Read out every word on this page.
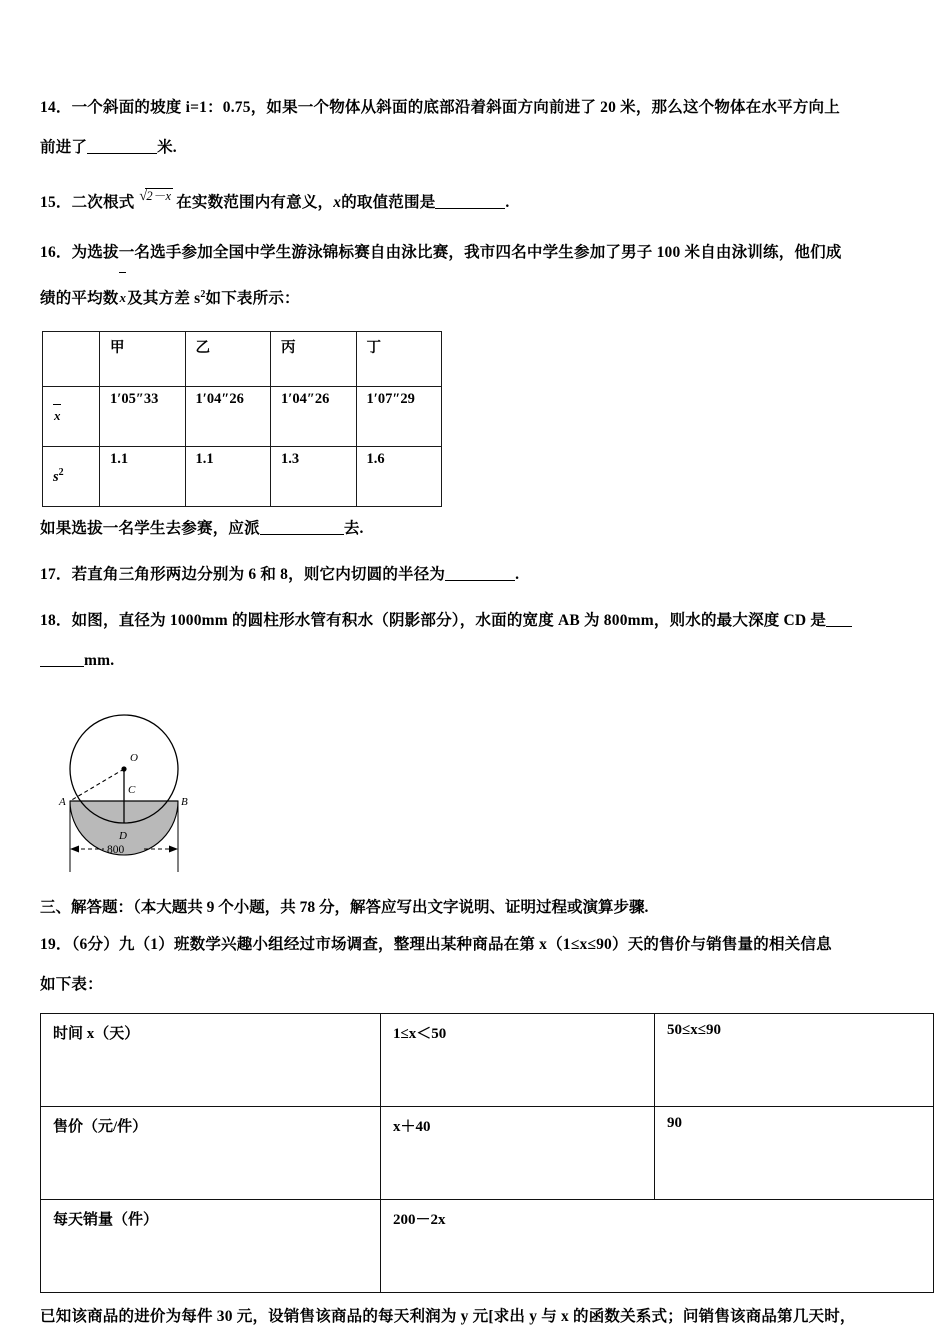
14．一个斜面的坡度 i=1：0.75，如果一个物体从斜面的底部沿着斜面方向前进了 20 米，那么这个物体在水平方向上
前进了	米.
15．二次根式 √2－x 在实数范围内有意义，x的取值范围是	.
16．为选拔一名选手参加全国中学生游泳锦标赛自由泳比赛，我市四名中学生参加了男子 100 米自由泳训练，他们成
绩的平均数x及其方差 $s^2$如下表所示：
	甲	乙	丙	丁
x	1′05″33	1′04″26	1′04″26	1′07″29
$s^2$	1.1	1.1	1.3	1.6
如果选拔一名学生去参赛，应派	去.
17．若直角三角形两边分别为 6 和 8，则它内切圆的半径为	.
18．如图，直径为 1000mm 的圆柱形水管有积水（阴影部分），水面的宽度 AB 为 800mm，则水的最大深度 CD 是
mm.
O
C
A	B
D
800
三、解答题：（本大题共 9 个小题，共 78 分，解答应写出文字说明、证明过程或演算步骤.
19．（6分）九（1）班数学兴趣小组经过市场调查，整理出某种商品在第 x（1≤x≤90）天的售价与销售量的相关信息
如下表：
时间 x（天）	1≤x＜50	50≤x≤90
售价（元/件）	x＋40	90
每天销量（件）	200－2x	
已知该商品的进价为每件 30 元，设销售该商品的每天利润为 y 元[求出 y 与 x 的函数关系式；问销售该商品第几天时，
